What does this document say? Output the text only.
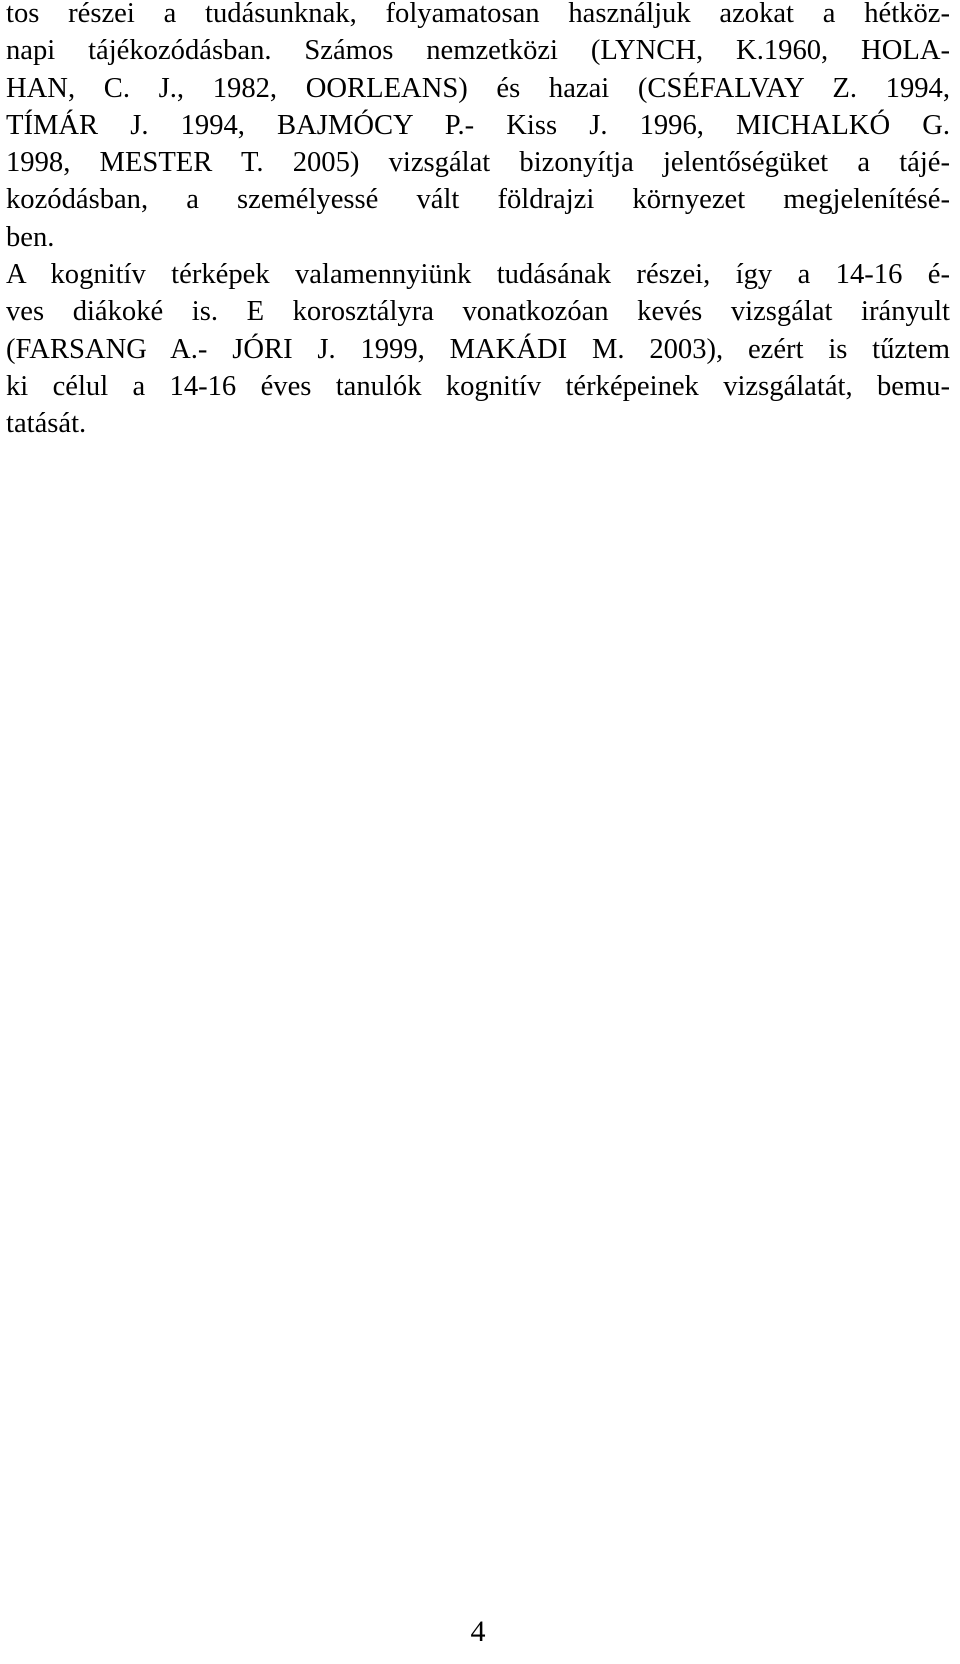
tos részei a tudásunknak, folyamatosan használjuk azokat a hétköz-
napi tájékozódásban. Számos nemzetközi (LYNCH, K.1960, HOLA-
HAN, C. J., 1982, OORLEANS) és hazai (CSÉFALVAY Z. 1994,
TÍMÁR J. 1994, BAJMÓCY P.- Kiss J. 1996, MICHALKÓ G.
1998, MESTER T. 2005) vizsgálat bizonyítja jelentőségüket a tájé-
kozódásban, a személyessé vált földrajzi környezet megjelenítésé-
ben.
A kognitív térképek valamennyiünk tudásának részei, így a 14-16 é-
ves diákoké is. E korosztályra vonatkozóan kevés vizsgálat irányult
(FARSANG A.- JÓRI J. 1999, MAKÁDI M. 2003), ezért is tűztem
ki célul a 14-16 éves tanulók kognitív térképeinek vizsgálatát, bemu-
tatását.
4
